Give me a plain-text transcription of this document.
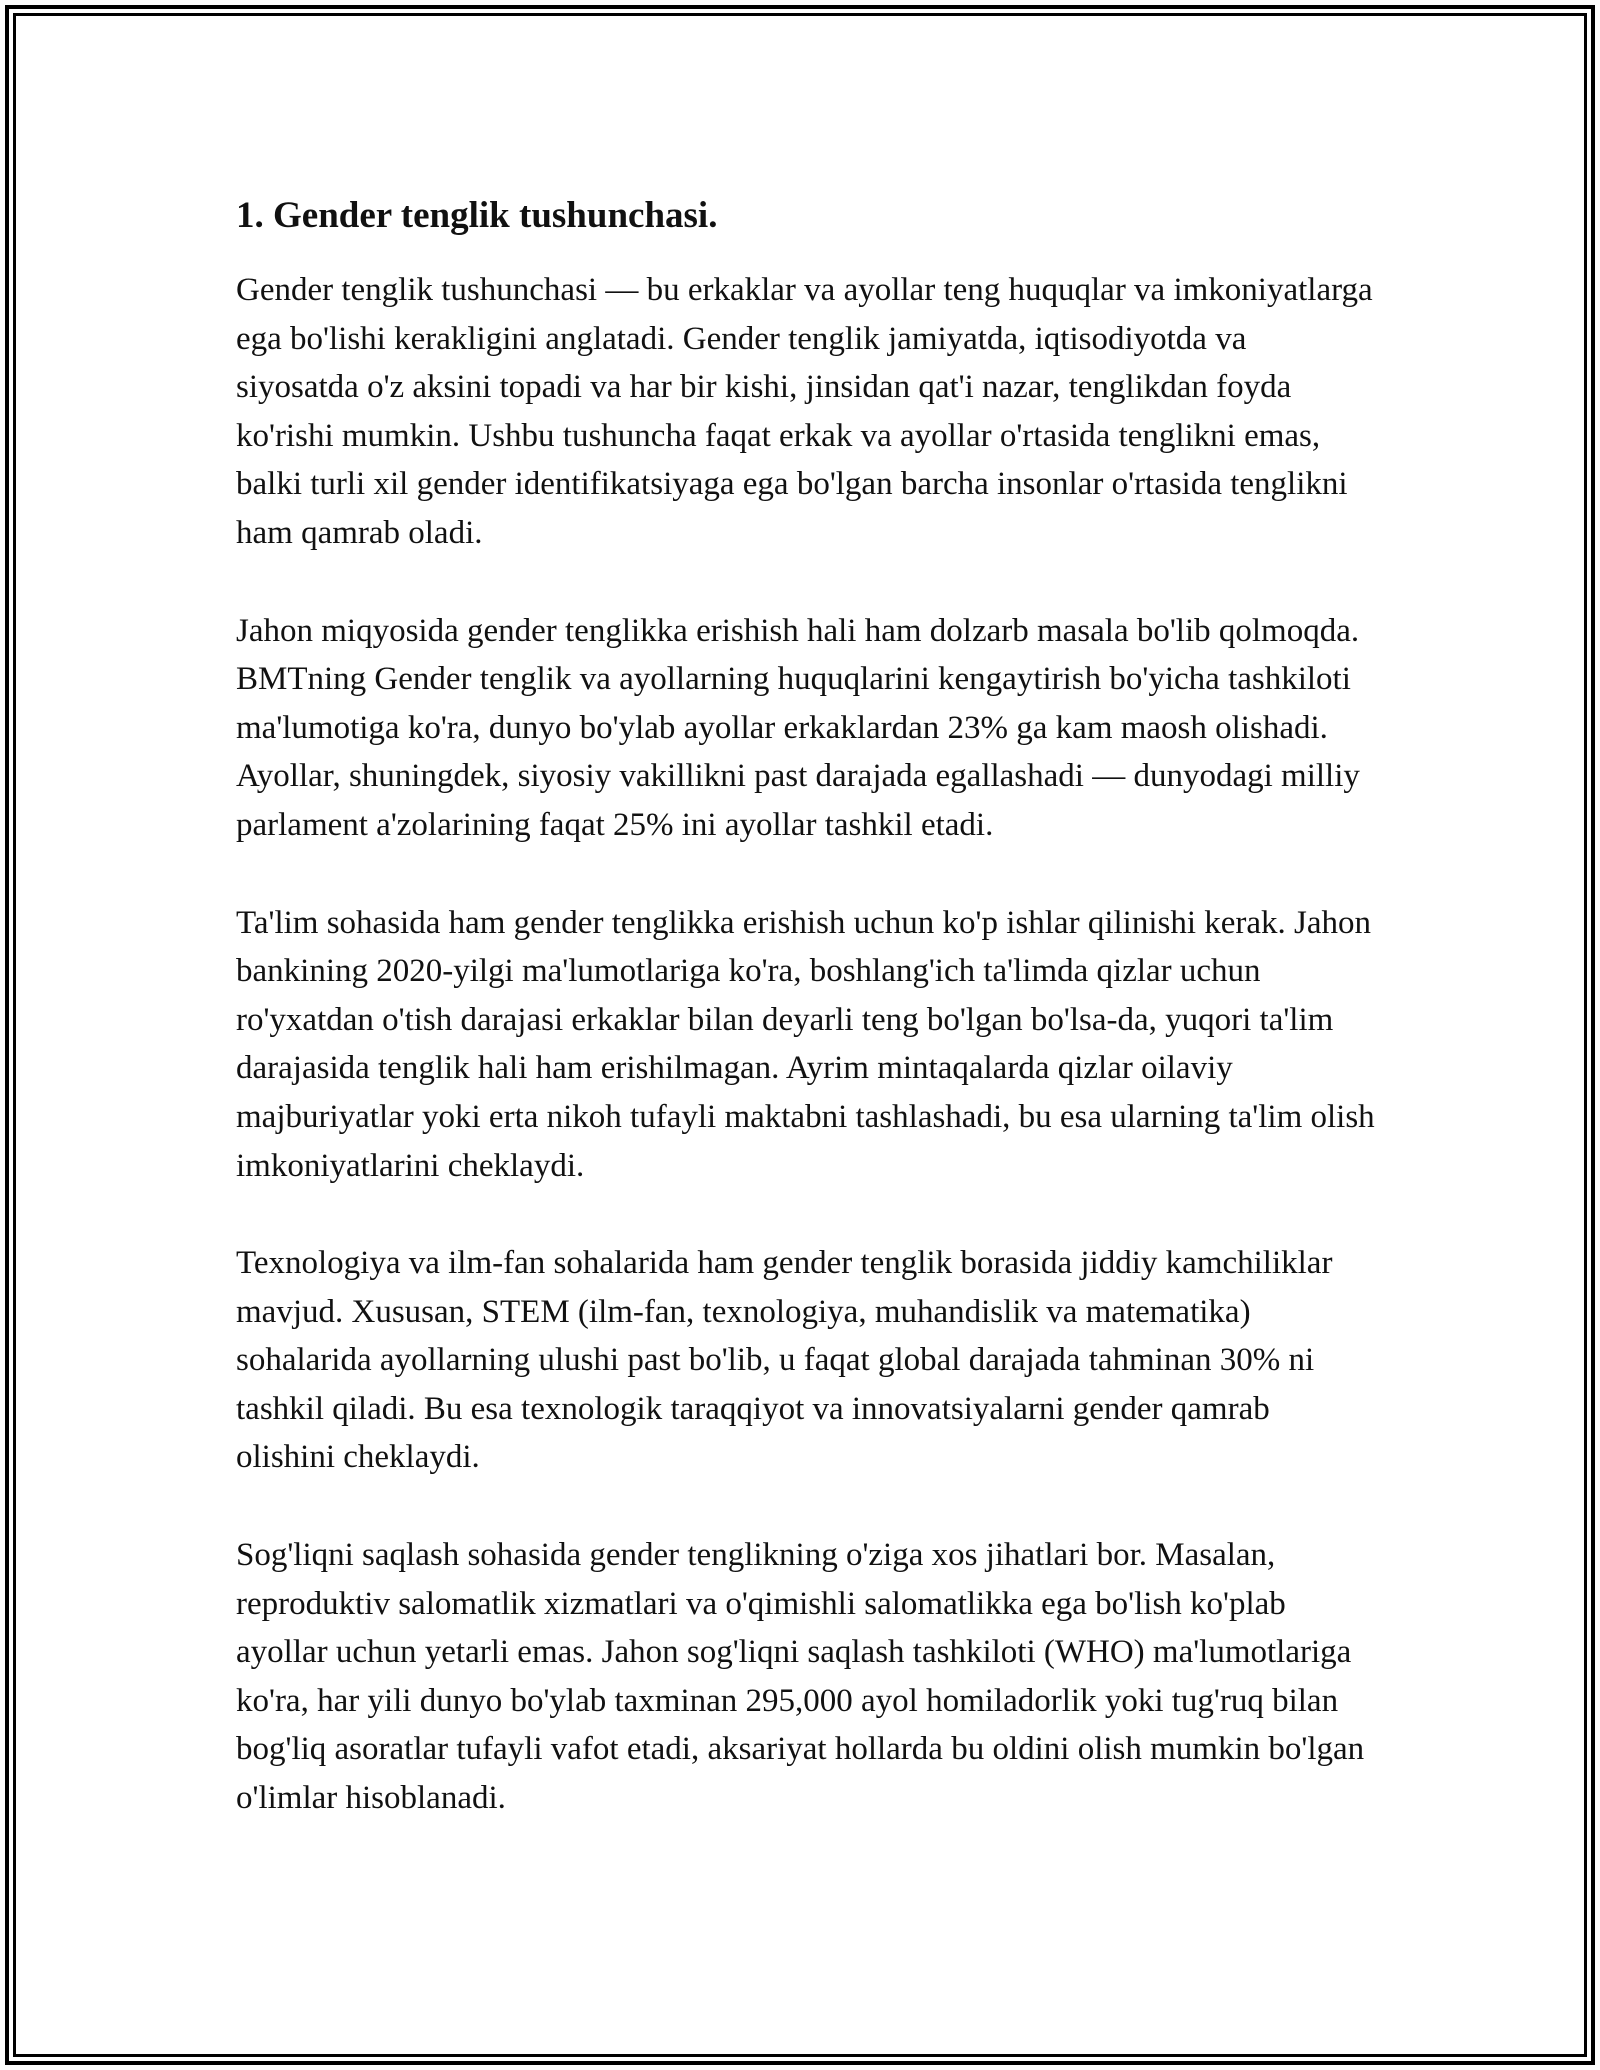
1. Gender tenglik tushunchasi.

Gender tenglik tushunchasi — bu erkaklar va ayollar teng huquqlar va imkoniyatlarga ega bo'lishi kerakligini anglatadi. Gender tenglik jamiyatda, iqtisodiyotda va siyosatda o'z aksini topadi va har bir kishi, jinsidan qat'i nazar, tenglikdan foyda ko'rishi mumkin. Ushbu tushuncha faqat erkak va ayollar o'rtasida tenglikni emas, balki turli xil gender identifikatsiyaga ega bo'lgan barcha insonlar o'rtasida tenglikni ham qamrab oladi.

Jahon miqyosida gender tenglikka erishish hali ham dolzarb masala bo'lib qolmoqda. BMTning Gender tenglik va ayollarning huquqlarini kengaytirish bo'yicha tashkiloti ma'lumotiga ko'ra, dunyo bo'ylab ayollar erkaklardan 23% ga kam maosh olishadi. Ayollar, shuningdek, siyosiy vakillikni past darajada egallashadi — dunyodagi milliy parlament a'zolarining faqat 25% ini ayollar tashkil etadi.

Ta'lim sohasida ham gender tenglikka erishish uchun ko'p ishlar qilinishi kerak. Jahon bankining 2020-yilgi ma'lumotlariga ko'ra, boshlang'ich ta'limda qizlar uchun ro'yxatdan o'tish darajasi erkaklar bilan deyarli teng bo'lgan bo'lsa-da, yuqori ta'lim darajasida tenglik hali ham erishilmagan. Ayrim mintaqalarda qizlar oilaviy majburiyatlar yoki erta nikoh tufayli maktabni tashlashadi, bu esa ularning ta'lim olish imkoniyatlarini cheklaydi.

Texnologiya va ilm-fan sohalarida ham gender tenglik borasida jiddiy kamchiliklar mavjud. Xususan, STEM (ilm-fan, texnologiya, muhandislik va matematika) sohalarida ayollarning ulushi past bo'lib, u faqat global darajada tahminan 30% ni tashkil qiladi. Bu esa texnologik taraqqiyot va innovatsiyalarni gender qamrab olishini cheklaydi.

Sog'liqni saqlash sohasida gender tenglikning o'ziga xos jihatlari bor. Masalan, reproduktiv salomatlik xizmatlari va o'qimishli salomatlikka ega bo'lish ko'plab ayollar uchun yetarli emas. Jahon sog'liqni saqlash tashkiloti (WHO) ma'lumotlariga ko'ra, har yili dunyo bo'ylab taxminan 295,000 ayol homiladorlik yoki tug'ruq bilan bog'liq asoratlar tufayli vafot etadi, aksariyat hollarda bu oldini olish mumkin bo'lgan o'limlar hisoblanadi.
